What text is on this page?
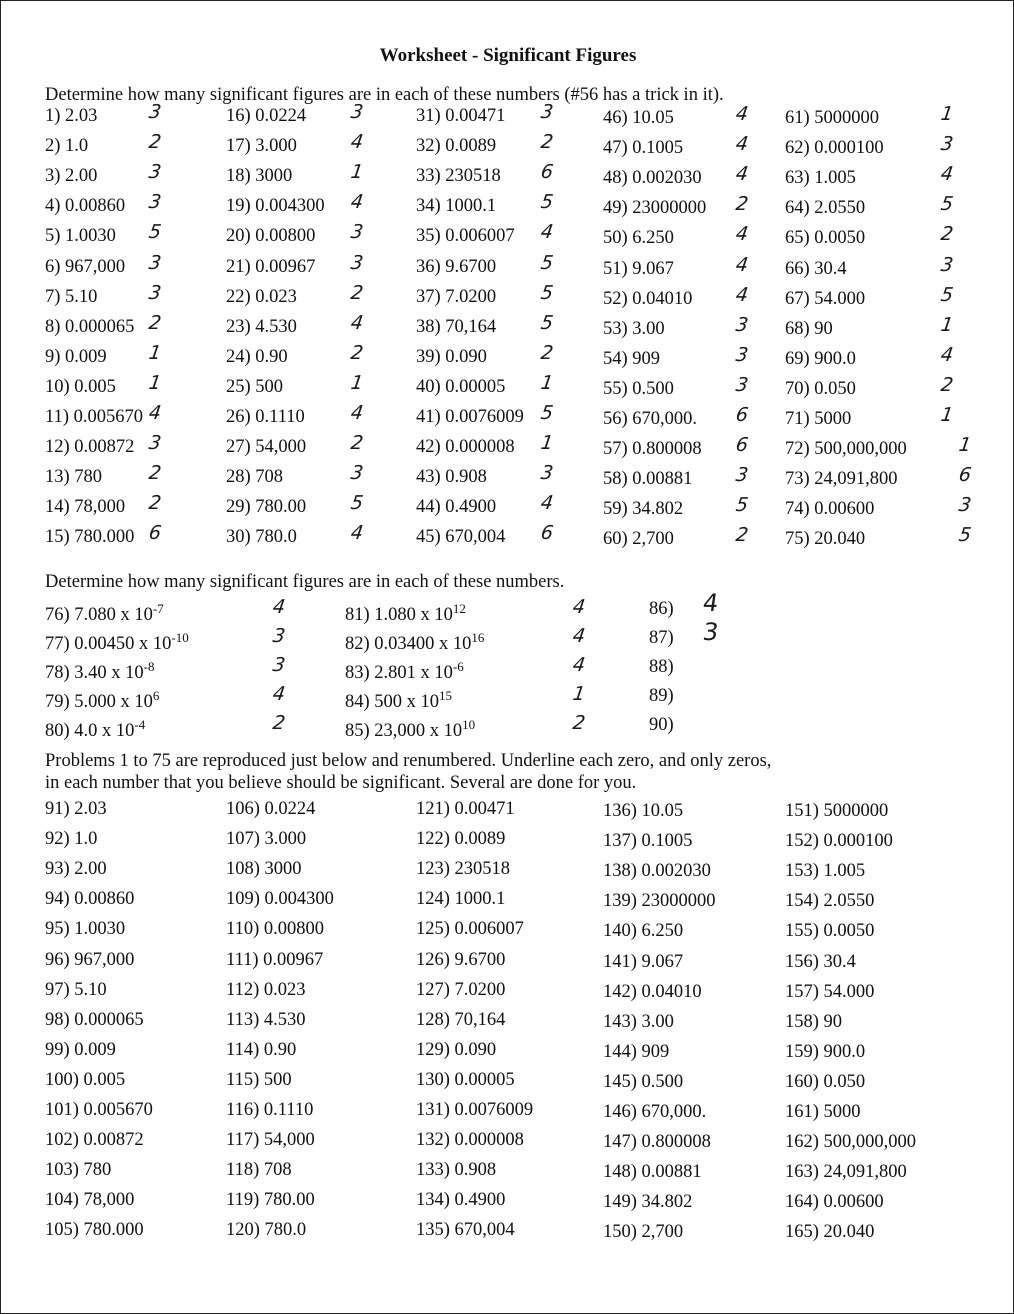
Worksheet - Significant Figures
Determine how many significant figures are in each of these numbers (#56 has a trick in it).
1) 2.03	3
2) 1.0	2
3) 2.00	3
4) 0.00860 3
5) 1.0030 5
6) 967,000 3
7) 5.10	3
8) 0.000065 2
9) 0.009 1
10) 0.005 1
11) 0.005670 4
12) 0.00872 3
13) 780 2
14) 78,000 2
15) 780.000 6
16) 0.0224 3
17) 3.000	4
18) 3000	1
19) 0.004300 4
20) 0.00800 3
21) 0.00967 3
22) 0.023	2
23) 4.530	4
24) 0.90	2
25) 500	1
26) 0.1110 4
27) 54,000 2
28) 708	3
29) 780.00 5
30) 780.0	4
31) 0.00471 3
32) 0.0089 2
33) 230518 6
34) 1000.1 5
35) 0.006007 4
36) 9.6700 5
37) 7.0200 5
38) 70,164 5
39) 0.090	2
40) 0.00005 1
41) 0.0076009 5
42) 0.000008 1
43) 0.908	3
44) 0.4900 4
45) 670,004 6
46) 10.05	4
47) 0.1005	4
48) 0.002030 4
49) 23000000 2
50) 6.250	4
51) 9.067	4
52) 0.04010 4
53) 3.00	3
54) 909	3
55) 0.500	3
56) 670,000. 6
57) 0.800008 6
58) 0.00881 3
59) 34.802	5
60) 2,700	2
61) 5000000	1
62) 0.000100	3
63) 1.005	4
64) 2.0550	5
65) 0.0050	2
66) 30.4	3
67) 54.000	5
68) 90	1
69) 900.0	4
70) 0.050	2
71) 5000	1
72) 500,000,000	1
73) 24,091,800	6
74) 0.00600	3
75) 20.040	5
Determine how many significant figures are in each of these numbers.
76) 7.080 x $10^{-7}$	4
77) 0.00450 x $10^{-10}$	3
78) 3.40 x $10^{-8}$	3
79) 5.000 x $10^6$	4
80) 4.0 x $10^{-4}$	2
81) 1.080 x $10^{12}$	4
82) 0.03400 x $10^{16}$	4
83) 2.801 x $10^{-6}$	4
84) 500 x $10^{15}$	1
85) 23,000 x $10^{10}$	2
86) 4
87) 3
88)
89)
90)
Problems 1 to 75 are reproduced just below and renumbered. Underline each zero, and only zeros,
in each number that you believe should be significant. Several are done for you.
91) 2.03
92) 1.0
93) 2.00
94) 0.00860
95) 1.0030
96) 967,000
97) 5.10
98) 0.000065
99) 0.009
100) 0.005
101) 0.005670
102) 0.00872
103) 780
104) 78,000
105) 780.000
106) 0.0224
107) 3.000
108) 3000
109) 0.004300
110) 0.00800
111) 0.00967
112) 0.023
113) 4.530
114) 0.90
115) 500
116) 0.1110
117) 54,000
118) 708
119) 780.00
120) 780.0
121) 0.00471
122) 0.0089
123) 230518
124) 1000.1
125) 0.006007
126) 9.6700
127) 7.0200
128) 70,164
129) 0.090
130) 0.00005
131) 0.0076009
132) 0.000008
133) 0.908
134) 0.4900
135) 670,004
136) 10.05
137) 0.1005
138) 0.002030
139) 23000000
140) 6.250
141) 9.067
142) 0.04010
143) 3.00
144) 909
145) 0.500
146) 670,000.
147) 0.800008
148) 0.00881
149) 34.802
150) 2,700
151) 5000000
152) 0.000100
153) 1.005
154) 2.0550
155) 0.0050
156) 30.4
157) 54.000
158) 90
159) 900.0
160) 0.050
161) 5000
162) 500,000,000
163) 24,091,800
164) 0.00600
165) 20.040
